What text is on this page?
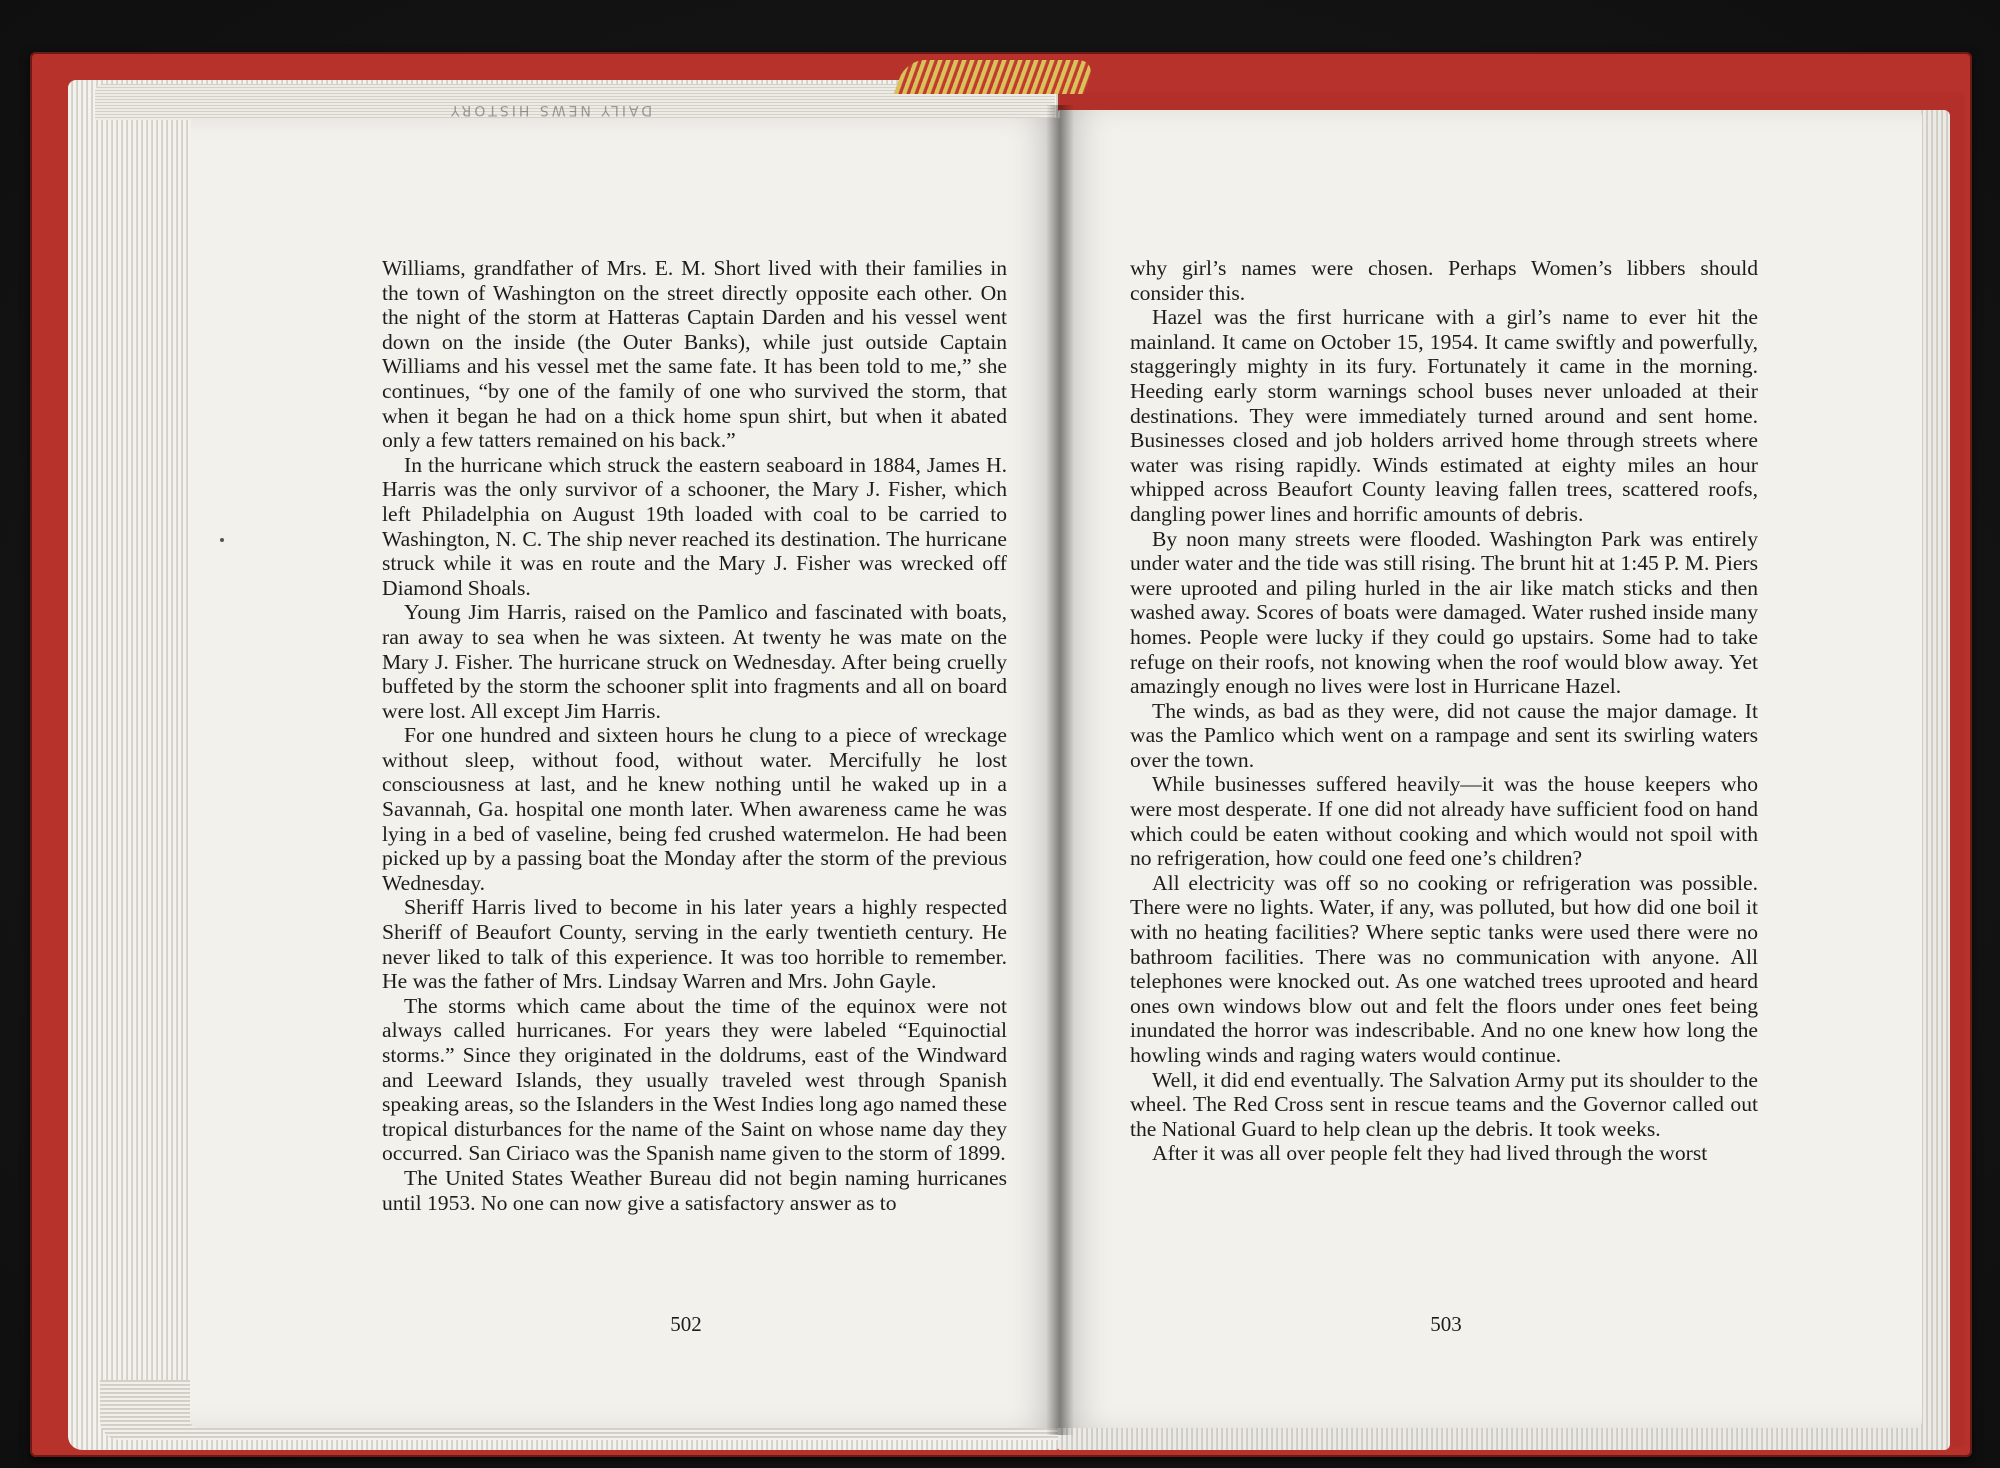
DAILY NEWS HISTORY

Williams, grandfather of Mrs. E. M. Short lived with their families in the town of Washington on the street directly opposite each other. On the night of the storm at Hatteras Captain Darden and his vessel went down on the inside (the Outer Banks), while just outside Captain Williams and his vessel met the same fate. It has been told to me,” she continues, “by one of the family of one who survived the storm, that when it began he had on a thick home spun shirt, but when it abated only a few tatters remained on his back.”

In the hurricane which struck the eastern seaboard in 1884, James H. Harris was the only survivor of a schooner, the Mary J. Fisher, which left Philadelphia on August 19th loaded with coal to be carried to Washington, N. C. The ship never reached its destination. The hurricane struck while it was en route and the Mary J. Fisher was wrecked off Diamond Shoals.

Young Jim Harris, raised on the Pamlico and fascinated with boats, ran away to sea when he was sixteen. At twenty he was mate on the Mary J. Fisher. The hurricane struck on Wednesday. After being cruelly buffeted by the storm the schooner split into fragments and all on board were lost. All except Jim Harris.

For one hundred and sixteen hours he clung to a piece of wreckage without sleep, without food, without water. Mercifully he lost consciousness at last, and he knew nothing until he waked up in a Savannah, Ga. hospital one month later. When awareness came he was lying in a bed of vaseline, being fed crushed watermelon. He had been picked up by a passing boat the Monday after the storm of the previous Wednesday.

Sheriff Harris lived to become in his later years a highly respected Sheriff of Beaufort County, serving in the early twentieth century. He never liked to talk of this experience. It was too horrible to remember. He was the father of Mrs. Lindsay Warren and Mrs. John Gayle.

The storms which came about the time of the equinox were not always called hurricanes. For years they were labeled “Equinoctial storms.” Since they originated in the doldrums, east of the Windward and Leeward Islands, they usually traveled west through Spanish speaking areas, so the Islanders in the West Indies long ago named these tropical disturbances for the name of the Saint on whose name day they occurred. San Ciriaco was the Spanish name given to the storm of 1899.

The United States Weather Bureau did not begin naming hurricanes until 1953. No one can now give a satisfactory answer as to

502

why girl’s names were chosen. Perhaps Women’s libbers should consider this.

Hazel was the first hurricane with a girl’s name to ever hit the mainland. It came on October 15, 1954. It came swiftly and powerfully, staggeringly mighty in its fury. Fortunately it came in the morning. Heeding early storm warnings school buses never unloaded at their destinations. They were immediately turned around and sent home. Businesses closed and job holders arrived home through streets where water was rising rapidly. Winds estimated at eighty miles an hour whipped across Beaufort County leaving fallen trees, scattered roofs, dangling power lines and horrific amounts of debris.

By noon many streets were flooded. Washington Park was entirely under water and the tide was still rising. The brunt hit at 1:45 P. M. Piers were uprooted and piling hurled in the air like match sticks and then washed away. Scores of boats were damaged. Water rushed inside many homes. People were lucky if they could go upstairs. Some had to take refuge on their roofs, not knowing when the roof would blow away. Yet amazingly enough no lives were lost in Hurricane Hazel.

The winds, as bad as they were, did not cause the major damage. It was the Pamlico which went on a rampage and sent its swirling waters over the town.

While businesses suffered heavily—it was the house keepers who were most desperate. If one did not already have sufficient food on hand which could be eaten without cooking and which would not spoil with no refrigeration, how could one feed one’s children?

All electricity was off so no cooking or refrigeration was possible. There were no lights. Water, if any, was polluted, but how did one boil it with no heating facilities? Where septic tanks were used there were no bathroom facilities. There was no communication with anyone. All telephones were knocked out. As one watched trees uprooted and heard ones own windows blow out and felt the floors under ones feet being inundated the horror was indescribable. And no one knew how long the howling winds and raging waters would continue.

Well, it did end eventually. The Salvation Army put its shoulder to the wheel. The Red Cross sent in rescue teams and the Governor called out the National Guard to help clean up the debris. It took weeks.

After it was all over people felt they had lived through the worst

503
